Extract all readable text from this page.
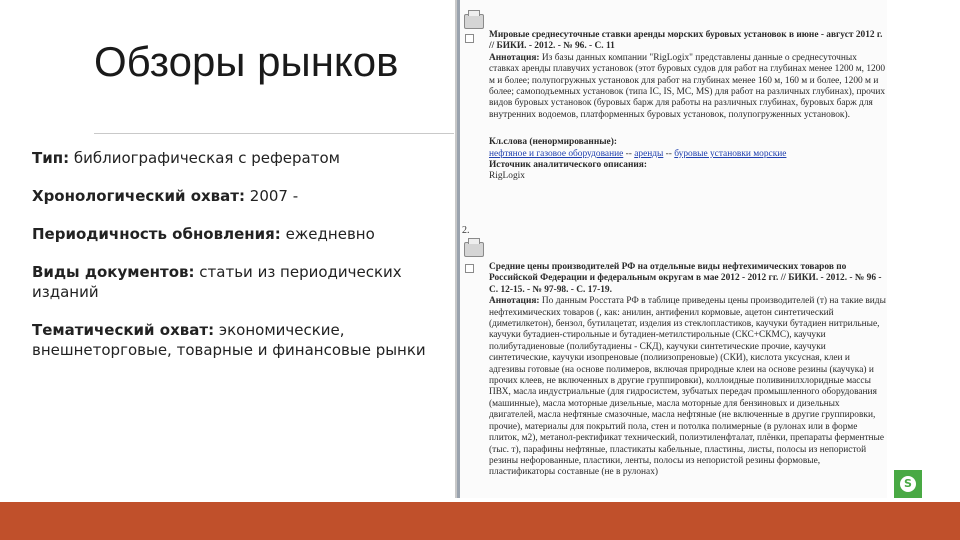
Обзоры рынков
Тип: библиографическая с рефератом
Хронологический охват: 2007 -
Периодичность обновления: ежедневно
Виды документов: статьи из периодических изданий
Тематический охват: экономические, внешнеторговые, товарные и финансовые рынки
Мировые среднесуточные ставки аренды морских буровых установок в июне - август 2012 г. // БИКИ. - 2012. - № 96. - С. 11
Аннотация: Из базы данных компании "RigLogix" представлены данные о среднесуточных ставках аренды плавучих установок (этот буровых судов для работ на глубинах менее 1200 м, 1200 м и более; полупогружных установок для работ на глубинах менее 160 м, 160 м и более, 1200 м и более; самоподъемных установок (типа IC, IS, MC, MS) для работ на различных глубинах), прочих видов буровых установок (буровых барж для работы на различных глубинах, буровых барж для внутренних водоемов, платформенных буровых установок, полупогруженных установок).
Кл.слова (ненормированные):
нефтяное и газовое оборудование -- аренды -- буровые установки морские
Источник аналитического описания:
RigLogix
2.
Средние цены производителей РФ на отдельные виды нефтехимических товаров по Российской Федерации и федеральным округам в мае 2012 - 2012 гг. // БИКИ. - 2012. - № 96 - С. 12-15. - № 97-98. - С. 17-19.
Аннотация: По данным Росстата РФ в таблице приведены цены производителей (т) на такие виды нефтехимических товаров (, как: анилин, антифенил кормовые, ацетон синтетический (диметилкетон), бензол, бутилацетат, изделия из стеклопластиков, каучуки бутадиен нитрильные, каучуки бутадиен-стирольные и бутадиен-метилстирольные (СКС+СКМС), каучуки полибутадиеновые (полибутадиены - СКД), каучуки синтетические прочие, каучуки синтетические, каучуки изопреновые (полиизопреновые) (СКИ), кислота уксусная, клеи и адгезивы готовые (на основе полимеров, включая природные клеи на основе резины (каучука) и прочих клеев, не включенных в другие группировки), коллоидные поливинилхлоридные массы ПВХ, масла индустриальные (для гидросистем, зубчатых передач промышленного оборудования (машинные), масла моторные дизельные, масла моторные для бензиновых и дизельных двигателей, масла нефтяные смазочные, масла нефтяные (не включенные в другие группировки, прочие), материалы для покрытий пола, стен и потолка полимерные (в рулонах или в форме плиток, м2), метанол-ректификат технический, полиэтиленфталат, плёнки, препараты ферментные (тыс. т), парафины нефтяные, пластикаты кабельные, пластины, листы, полосы из непористой резины нефорованные, пластики, ленты, полосы из непористой резины формовые, пластификаторы составные (не в рулонах)
S
